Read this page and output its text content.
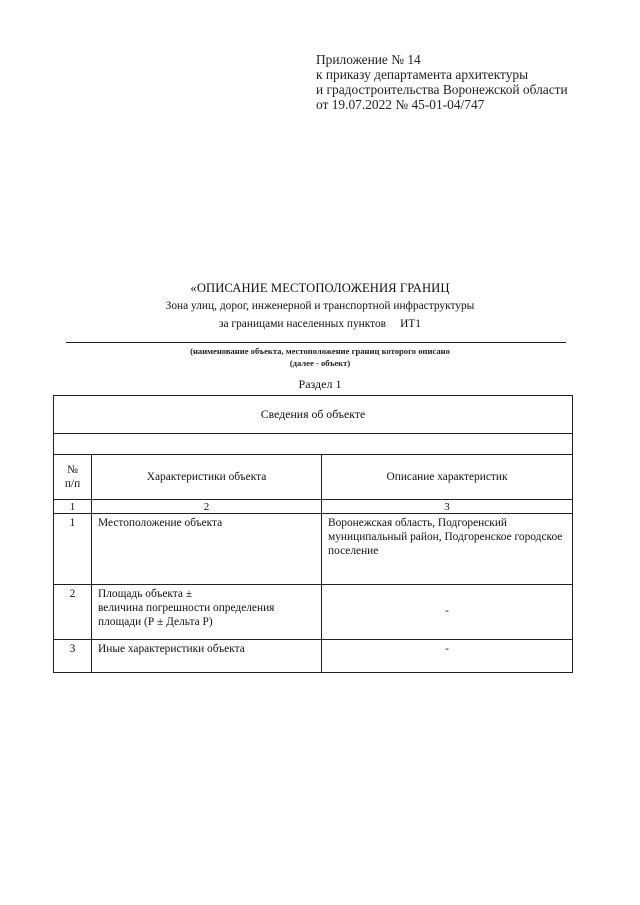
Приложение № 14
к приказу департамента архитектуры
и градостроительства Воронежской области
от 19.07.2022 № 45-01-04/747
«ОПИСАНИЕ МЕСТОПОЛОЖЕНИЯ ГРАНИЦ
Зона улиц, дорог, инженерной и транспортной инфраструктуры
за границами населенных пунктов ИТ1
(наименование объекта, местоположение границ которого описано
(далее - объект)
Раздел 1
Сведения об объекте		

№
п/п	Характеристики объекта	Описание характеристик
1	2	3
1	Местоположение объекта	Воронежская область, Подгоренский муниципальный район, Подгоренское городское поселение
2	Площадь объекта ±
величина погрешности определения площади (Р ± Дельта Р)	-
3	Иные характеристики объекта	-
